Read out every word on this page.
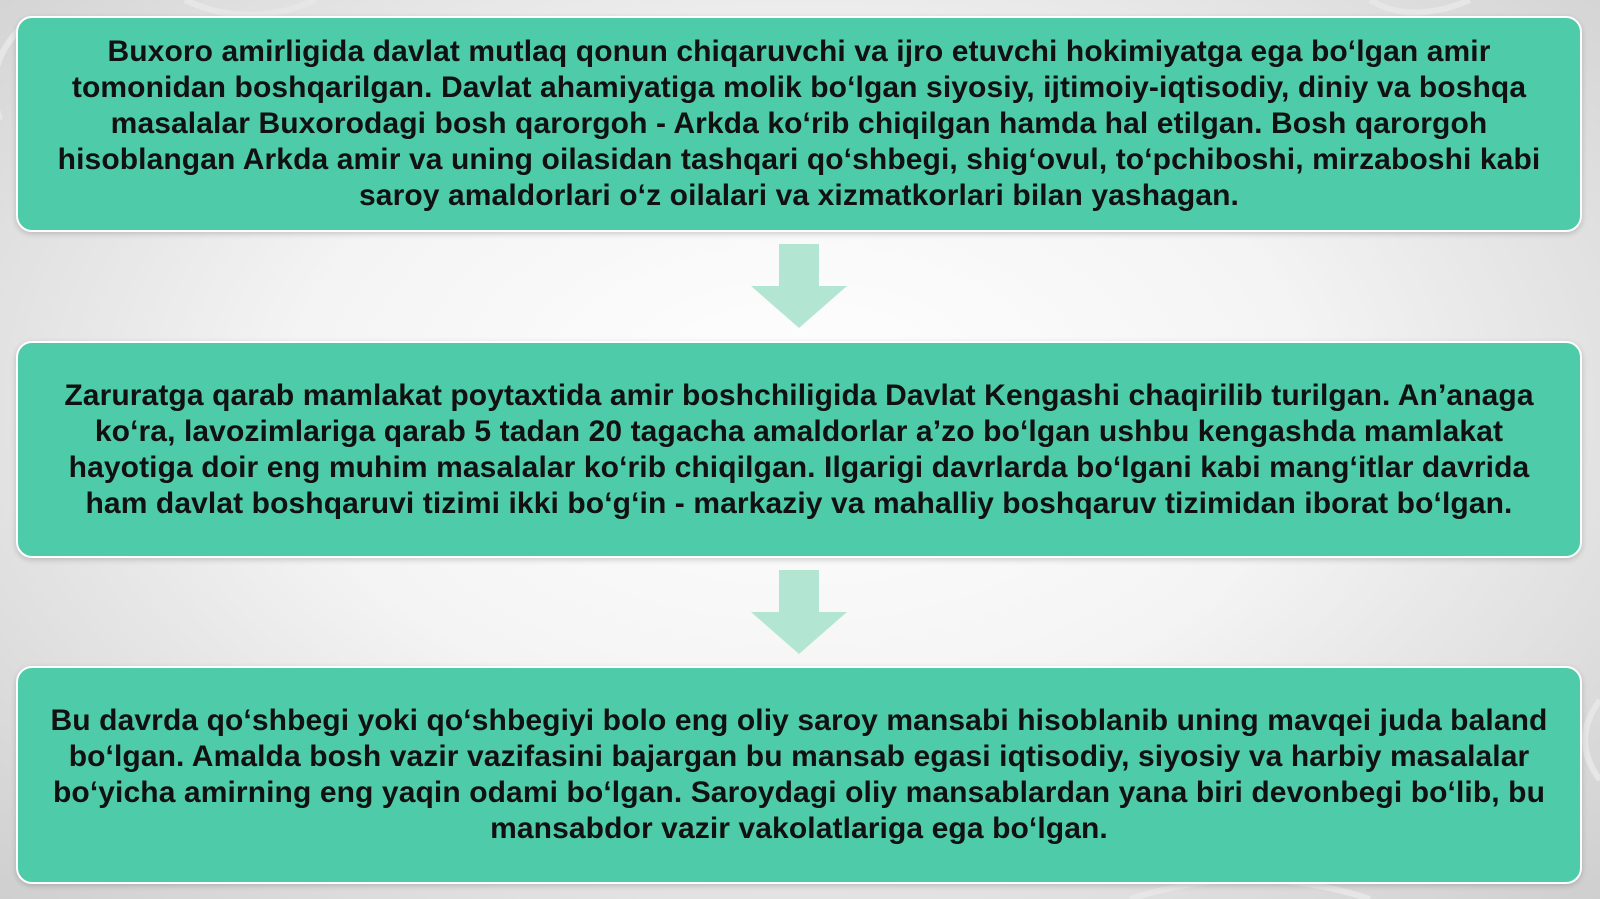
Buxoro amirligida davlat mutlaq qonun chiqaruvchi va ijro etuvchi hokimiyatga ega bo‘lgan amir tomonidan boshqarilgan. Davlat ahamiyatiga molik bo‘lgan siyosiy, ijtimoiy-iqtisodiy, diniy va boshqa masalalar Buxorodagi bosh qarorgoh - Arkda ko‘rib chiqilgan hamda hal etilgan. Bosh qarorgoh hisoblangan Arkda amir va uning oilasidan tashqari qo‘shbegi, shig‘ovul, to‘pchiboshi, mirzaboshi kabi saroy amaldorlari o‘z oilalari va xizmatkorlari bilan yashagan.

Zaruratga qarab mamlakat poytaxtida amir boshchiligida Davlat Kengashi chaqirilib turilgan. An’anaga ko‘ra, lavozimlariga qarab 5 tadan 20 tagacha amaldorlar a’zo bo‘lgan ushbu kengashda mamlakat hayotiga doir eng muhim masalalar ko‘rib chiqilgan. Ilgarigi davrlarda bo‘lgani kabi mang‘itlar davrida ham davlat boshqaruvi tizimi ikki bo‘g‘in - markaziy va mahalliy boshqaruv tizimidan iborat bo‘lgan.

Bu davrda qo‘shbegi yoki qo‘shbegiyi bolo eng oliy saroy mansabi hisoblanib uning mavqei juda baland bo‘lgan. Amalda bosh vazir vazifasini bajargan bu mansab egasi iqtisodiy, siyosiy va harbiy masalalar bo‘yicha amirning eng yaqin odami bo‘lgan. Saroydagi oliy mansablardan yana biri devonbegi bo‘lib, bu mansabdor vazir vakolatlariga ega bo‘lgan.
